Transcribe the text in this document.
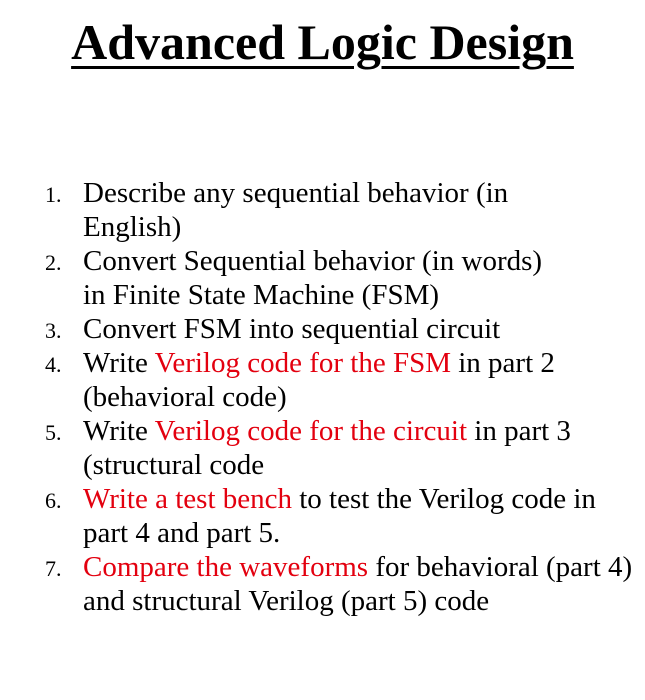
Advanced Logic Design
1. Describe any sequential behavior (in
English)
2. Convert Sequential behavior (in words)
in Finite State Machine (FSM)
3. Convert FSM into sequential circuit
4. Write Verilog code for the FSM in part 2 (behavioral code)
5. Write Verilog code for the circuit in part 3 (structural code
6. Write a test bench to test the Verilog code in part 4 and part 5.
7. Compare the waveforms for behavioral (part 4) and structural Verilog (part 5) code
